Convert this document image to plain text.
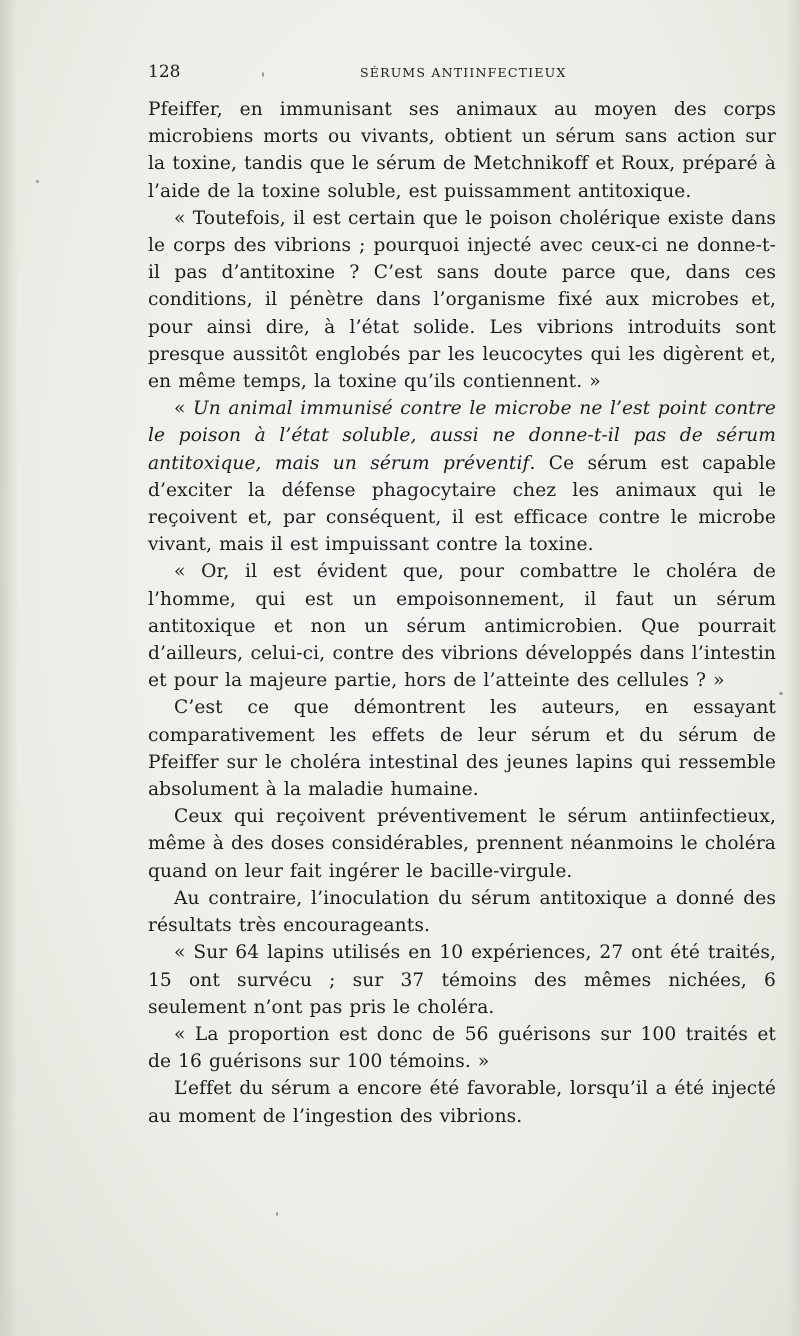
128	SÉRUMS ANTIINFECTIEUX

Pfeiffer, en immunisant ses animaux au moyen des corps microbiens morts ou vivants, obtient un sérum sans action sur la toxine, tandis que le sérum de Metchnikoff et Roux, préparé à l’aide de la toxine soluble, est puissamment antitoxique.

« Toutefois, il est certain que le poison cholérique existe dans le corps des vibrions ; pourquoi injecté avec ceux-ci ne donne-t-il pas d’antitoxine ? C’est sans doute parce que, dans ces conditions, il pénètre dans l’organisme fixé aux microbes et, pour ainsi dire, à l’état solide. Les vibrions introduits sont presque aussitôt englobés par les leucocytes qui les digèrent et, en même temps, la toxine qu’ils contiennent. »

« Un animal immunisé contre le microbe ne l’est point contre le poison à l’état soluble, aussi ne donne-t-il pas de sérum antitoxique, mais un sérum préventif. Ce sérum est capable d’exciter la défense phagocytaire chez les animaux qui le reçoivent et, par conséquent, il est efficace contre le microbe vivant, mais il est impuissant contre la toxine.

« Or, il est évident que, pour combattre le choléra de l’homme, qui est un empoisonnement, il faut un sérum antitoxique et non un sérum antimicrobien. Que pourrait d’ailleurs, celui-ci, contre des vibrions développés dans l’intestin et pour la majeure partie, hors de l’atteinte des cellules ? »

C’est ce que démontrent les auteurs, en essayant comparativement les effets de leur sérum et du sérum de Pfeiffer sur le choléra intestinal des jeunes lapins qui ressemble absolument à la maladie humaine.

Ceux qui reçoivent préventivement le sérum antiinfectieux, même à des doses considérables, prennent néanmoins le choléra quand on leur fait ingérer le bacille-virgule.

Au contraire, l’inoculation du sérum antitoxique a donné des résultats très encourageants.

« Sur 64 lapins utilisés en 10 expériences, 27 ont été traités, 15 ont survécu ; sur 37 témoins des mêmes nichées, 6 seulement n’ont pas pris le choléra.

« La proportion est donc de 56 guérisons sur 100 traités et de 16 guérisons sur 100 témoins. »

L’effet du sérum a encore été favorable, lorsqu’il a été injecté au moment de l’ingestion des vibrions.
